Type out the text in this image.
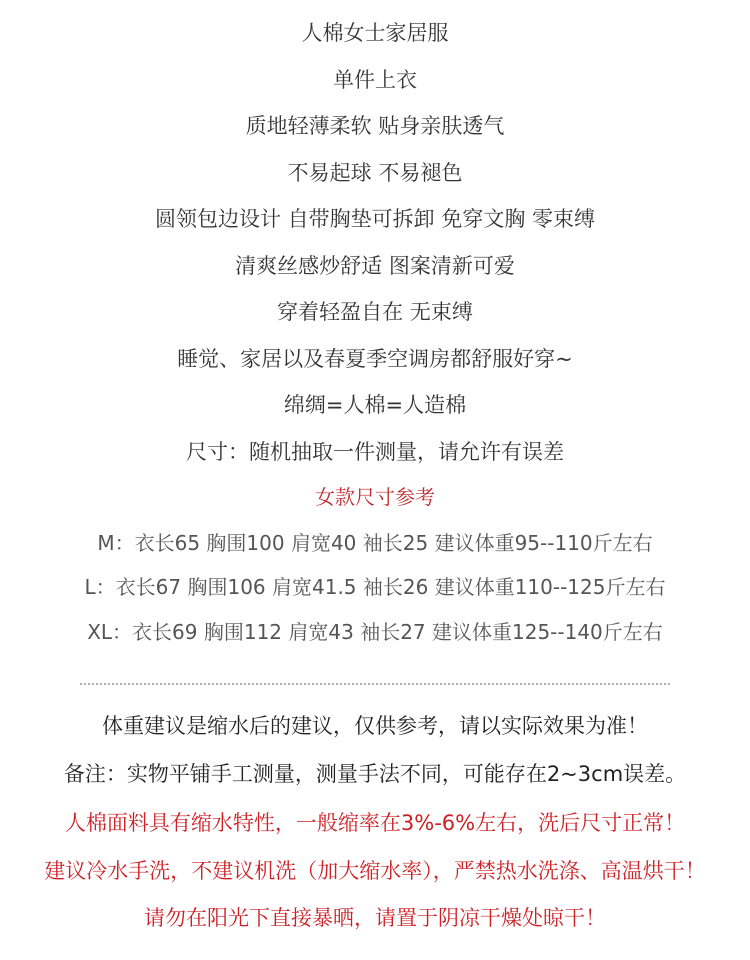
人棉女士家居服
单件上衣
质地轻薄柔软 贴身亲肤透气
不易起球 不易褪色
圆领包边设计 自带胸垫可拆卸 免穿文胸 零束缚
清爽丝感炒舒适 图案清新可爱
穿着轻盈自在 无束缚
睡觉、家居以及春夏季空调房都舒服好穿~
绵绸=人棉=人造棉
尺寸：随机抽取一件测量，请允许有误差
女款尺寸参考
M：衣长65 胸围100 肩宽40 袖长25 建议体重95--110斤左右
L：衣长67 胸围106 肩宽41.5 袖长26 建议体重110--125斤左右
XL：衣长69 胸围112 肩宽43 袖长27 建议体重125--140斤左右
体重建议是缩水后的建议，仅供参考，请以实际效果为准！
备注：实物平铺手工测量，测量手法不同，可能存在2~3cm误差。
人棉面料具有缩水特性，一般缩率在3%-6%左右，洗后尺寸正常！
建议冷水手洗，不建议机洗（加大缩水率），严禁热水洗涤、高温烘干！
请勿在阳光下直接暴晒，请置于阴凉干燥处晾干！
